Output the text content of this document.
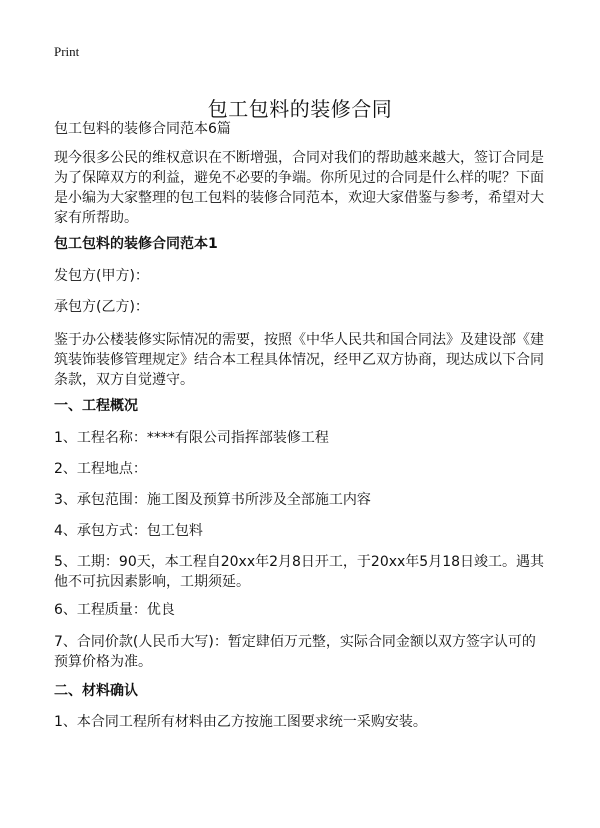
Print
包工包料的装修合同

包工包料的装修合同范本6篇

现今很多公民的维权意识在不断增强，合同对我们的帮助越来越大，签订合同是为了保障双方的利益，避免不必要的争端。你所见过的合同是什么样的呢？下面是小编为大家整理的包工包料的装修合同范本，欢迎大家借鉴与参考，希望对大家有所帮助。

包工包料的装修合同范本1

发包方(甲方)：

承包方(乙方)：

鉴于办公楼装修实际情况的需要，按照《中华人民共和国合同法》及建设部《建筑装饰装修管理规定》结合本工程具体情况，经甲乙双方协商，现达成以下合同条款，双方自觉遵守。

一、工程概况

1、工程名称：****有限公司指挥部装修工程

2、工程地点：

3、承包范围：施工图及预算书所涉及全部施工内容

4、承包方式：包工包料

5、工期：90天，本工程自20xx年2月8日开工，于20xx年5月18日竣工。遇其他不可抗因素影响，工期须延。

6、工程质量：优良

7、合同价款(人民币大写)：暂定肆佰万元整，实际合同金额以双方签字认可的预算价格为准。

二、材料确认

1、本合同工程所有材料由乙方按施工图要求统一采购安装。
